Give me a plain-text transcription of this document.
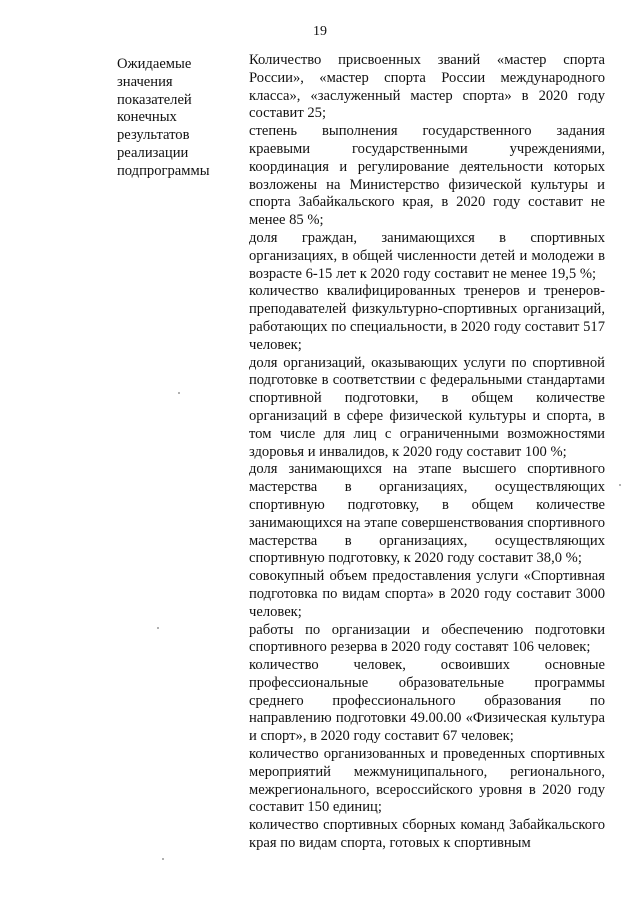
19
Ожидаемые значения показателей конечных результатов реализации подпрограммы

Количество присвоенных званий «мастер спорта России», «мастер спорта России международного класса», «заслуженный мастер спорта» в 2020 году составит 25;

степень выполнения государственного задания краевыми государственными учреждениями, координация и регулирование деятельности которых возложены на Министерство физической культуры и спорта Забайкальского края, в 2020 году составит не менее 85 %;

доля граждан, занимающихся в спортивных организациях, в общей численности детей и молодежи в возрасте 6-15 лет к 2020 году составит не менее 19,5 %;

количество квалифицированных тренеров и тренеров-преподавателей физкультурно-спортивных организаций, работающих по специальности, в 2020 году составит 517 человек;

доля организаций, оказывающих услуги по спортивной подготовке в соответствии с федеральными стандартами спортивной подготовки, в общем количестве организаций в сфере физической культуры и спорта, в том числе для лиц с ограниченными возможностями здоровья и инвалидов, к 2020 году составит 100 %;

доля занимающихся на этапе высшего спортивного мастерства в организациях, осуществляющих спортивную подготовку, в общем количестве занимающихся на этапе совершенствования спортивного мастерства в организациях, осуществляющих спортивную подготовку, к 2020 году составит 38,0 %;

совокупный объем предоставления услуги «Спортивная подготовка по видам спорта» в 2020 году составит 3000 человек;

работы по организации и обеспечению подготовки спортивного резерва в 2020 году составят 106 человек;

количество человек, освоивших основные профессиональные образовательные программы среднего профессионального образования по направлению подготовки 49.00.00 «Физическая культура и спорт», в 2020 году составит 67 человек;

количество организованных и проведенных спортивных мероприятий межмуниципального, регионального, межрегионального, всероссийского уровня в 2020 году составит 150 единиц;

количество спортивных сборных команд Забайкальского края по видам спорта, готовых к спортивным
